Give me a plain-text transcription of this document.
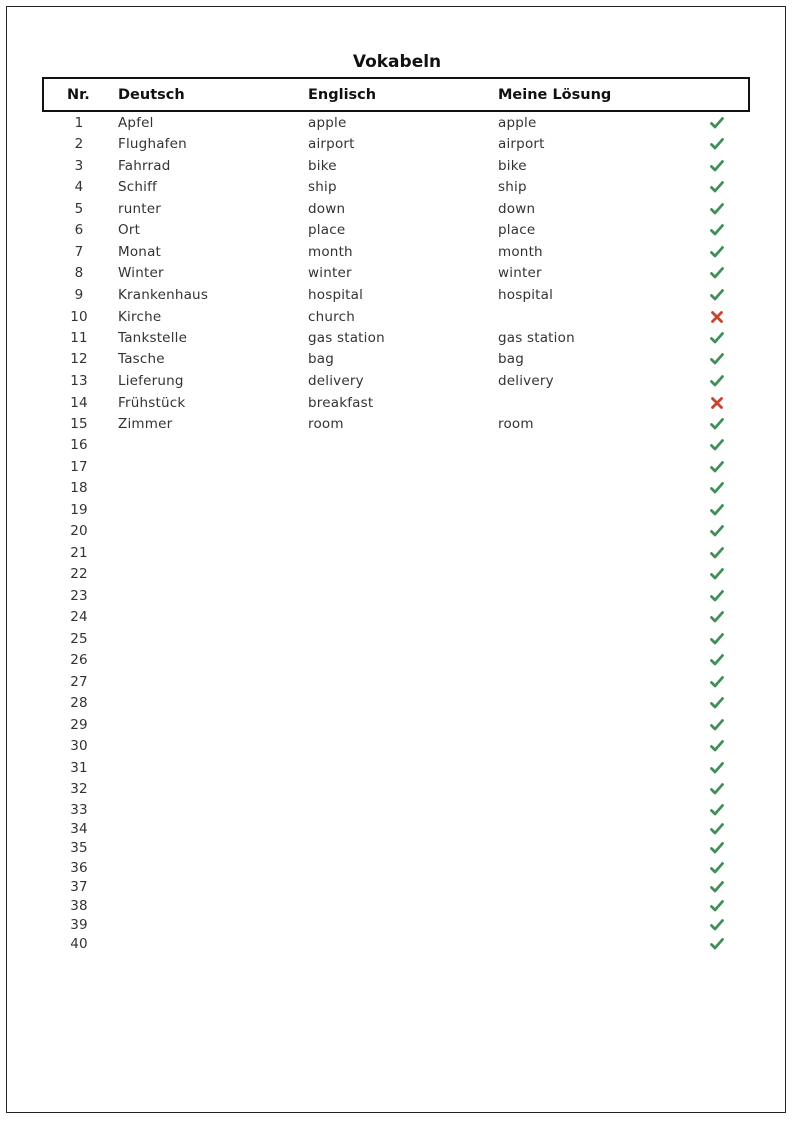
Vokabeln
Nr. Deutsch	Englisch	Meine Lösung
1	Apfel	apple	apple
2	Flughafen	airport	airport
3	Fahrrad	bike	bike
4	Schiff	ship	ship
5	runter	down	down
6	Ort	place	place
7	Monat	month	month
8	Winter	winter	winter
9	Krankenhaus	hospital	hospital
10	Kirche	church
11	Tankstelle	gas station	gas station
12	Tasche	bag	bag
13	Lieferung	delivery	delivery
14	Frühstück	breakfast
15	Zimmer	room	room
16
17
18
19
20
21
22
23
24
25
26
27
28
29
30
31
32
33
34
35
36
37
38
39
40
